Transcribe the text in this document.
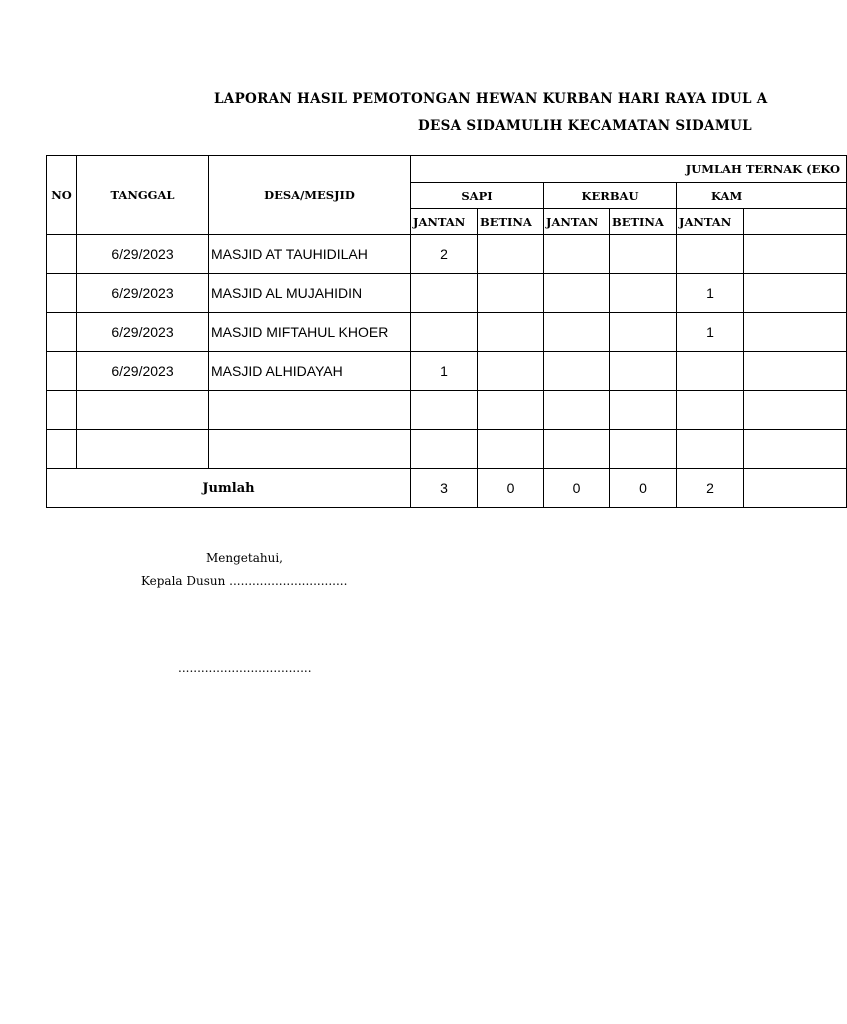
LAPORAN HASIL PEMOTONGAN HEWAN KURBAN HARI RAYA IDUL A
DESA SIDAMULIH KECAMATAN SIDAMUL
NO	TANGGAL	DESA/MESJID	JUMLAH TERNAK (EKO					
			SAPI		KERBAU		KAM	
			JANTAN	BETINA	JANTAN	BETINA	JANTAN	
	6/29/2023	MASJID AT TAUHIDILAH	2					
	6/29/2023	MASJID AL MUJAHIDIN					1	
	6/29/2023	MASJID MIFTAHUL KHOER					1	
	6/29/2023	MASJID ALHIDAYAH	1					

Jumlah			3	0	0	0	2	
Mengetahui,
Kepala Dusun ...............................
...................................
